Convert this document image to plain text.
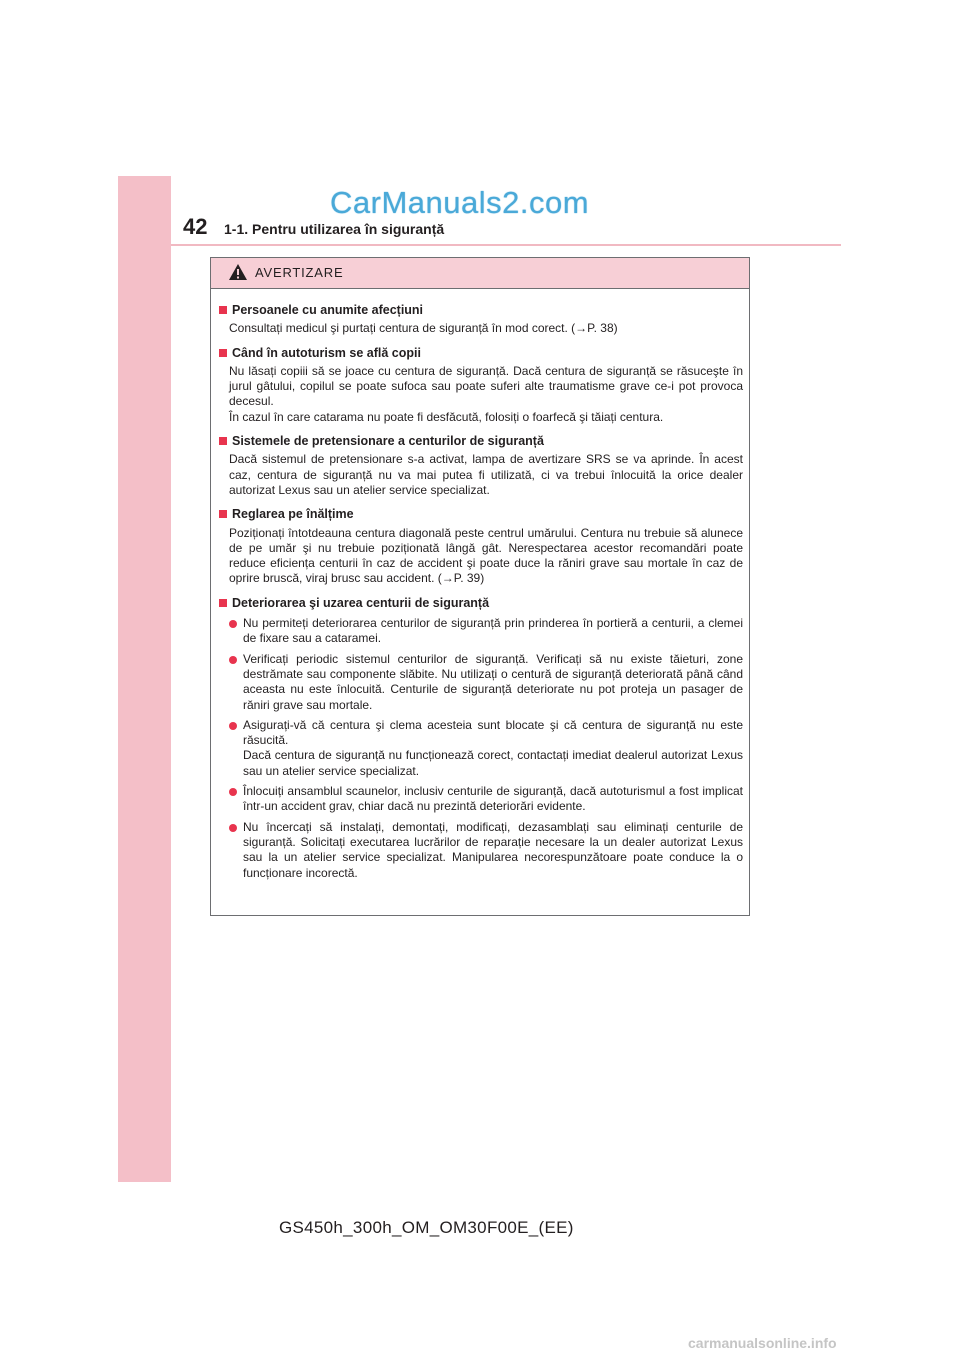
CarManuals2.com
42 1-1. Pentru utilizarea în siguranță
AVERTIZARE
Persoanele cu anumite afecțiuni

Consultați medicul şi purtați centura de siguranță în mod corect. (→P. 38)

Când în autoturism se află copii

Nu lăsați copiii să se joace cu centura de siguranță. Dacă centura de siguranță se răsuceşte în jurul gâtului, copilul se poate sufoca sau poate suferi alte traumatisme grave ce-i pot provoca decesul.

În cazul în care catarama nu poate fi desfăcută, folosiți o foarfecă şi tăiați centura.

Sistemele de pretensionare a centurilor de siguranță

Dacă sistemul de pretensionare s-a activat, lampa de avertizare SRS se va aprinde. În acest caz, centura de siguranță nu va mai putea fi utilizată, ci va trebui înlocuită la orice dealer autorizat Lexus sau un atelier service specializat.

Reglarea pe înălțime

Poziționați întotdeauna centura diagonală peste centrul umărului. Centura nu trebuie să alunece de pe umăr şi nu trebuie poziționată lângă gât. Nerespectarea acestor recomandări poate reduce eficiența centurii în caz de accident şi poate duce la răniri grave sau mortale în caz de oprire bruscă, viraj brusc sau accident. (→P. 39)

Deteriorarea şi uzarea centurii de siguranță

Nu permiteți deteriorarea centurilor de siguranță prin prinderea în portieră a centurii, a clemei de fixare sau a cataramei.

Verificați periodic sistemul centurilor de siguranță. Verificați să nu existe tăieturi, zone destrămate sau componente slăbite. Nu utilizați o centură de siguranță deteriorată până când aceasta nu este înlocuită. Centurile de siguranță deteriorate nu pot proteja un pasager de răniri grave sau mortale.

Asigurați-vă că centura şi clema acesteia sunt blocate şi că centura de siguranță nu este răsucită.

Dacă centura de siguranță nu funcționează corect, contactați imediat dealerul autorizat Lexus sau un atelier service specializat.

Înlocuiți ansamblul scaunelor, inclusiv centurile de siguranță, dacă autoturismul a fost implicat într-un accident grav, chiar dacă nu prezintă deteriorări evidente.

Nu încercați să instalați, demontați, modificați, dezasamblați sau eliminați centurile de siguranță. Solicitați executarea lucrărilor de reparație necesare la un dealer autorizat Lexus sau la un atelier service specializat. Manipularea necorespunzătoare poate conduce la o funcționare incorectă.

GS450h_300h_OM_OM30F00E_(EE)
carmanualsonline.info
